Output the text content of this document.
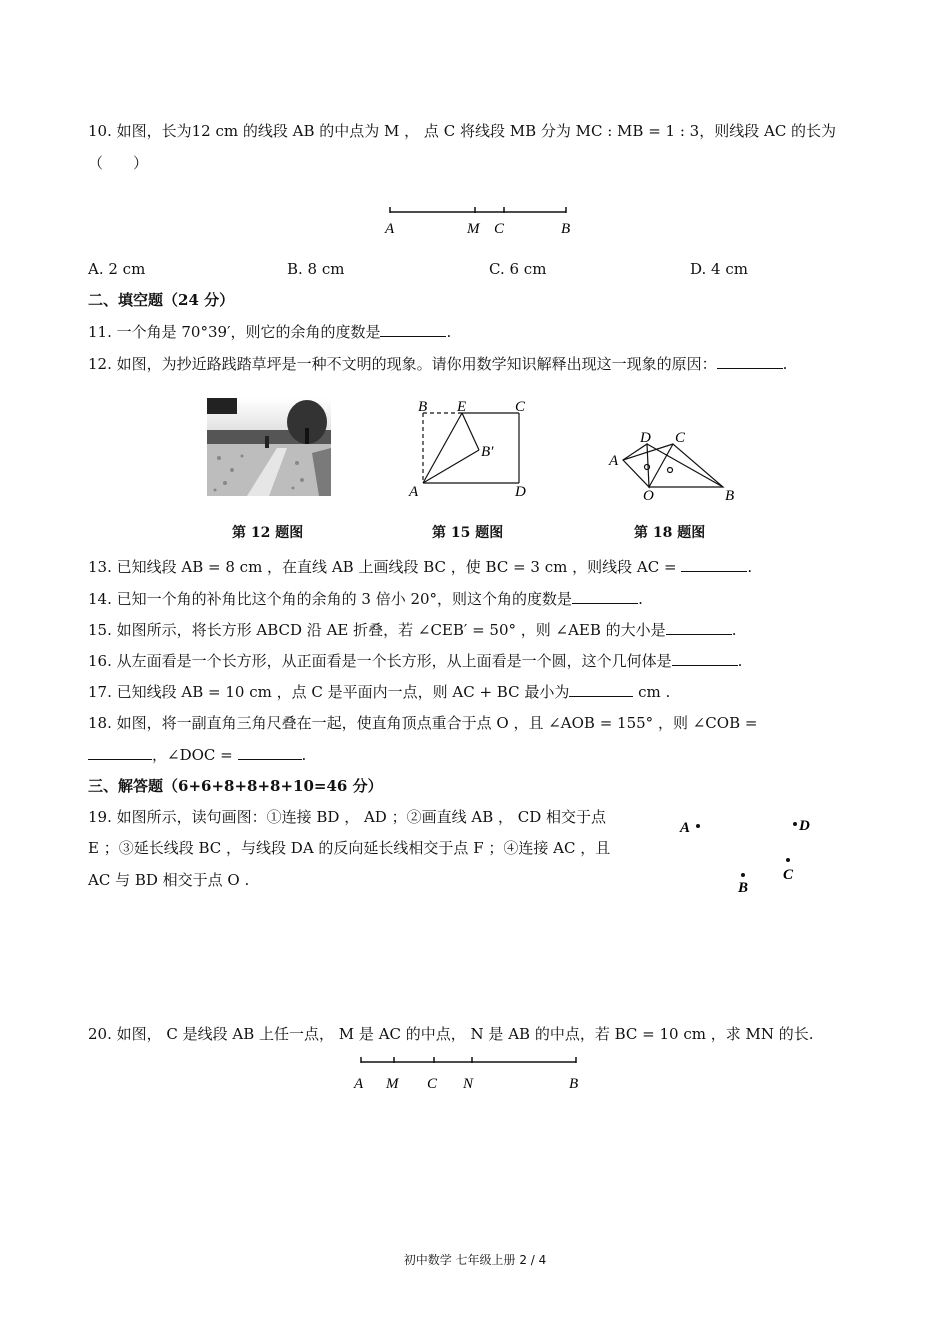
10. 如图，长为12 cm 的线段 AB 的中点为 M ， 点 C 将线段 MB 分为 MC : MB = 1 : 3，则线段 AC 的长为
（　　）
A	M C	B
A. 2 cm	B. 8 cm	C. 6 cm	D. 4 cm
二、填空题（24 分）
11. 一个角是 70°39′，则它的余角的度数是	.
12. 如图，为抄近路践踏草坪是一种不文明的现象。请你用数学知识解释出现这一现象的原因：	.
B E	C
B′
A	D
D C
A
O	B
第 12 题图	第 15 题图	第 18 题图
13. 已知线段 AB = 8 cm ，在直线 AB 上画线段 BC ，使 BC = 3 cm ，则线段 AC =	.
14. 已知一个角的补角比这个角的余角的 3 倍小 20°，则这个角的度数是	.
15. 如图所示，将长方形 ABCD 沿 AE 折叠，若 ∠CEB′ = 50° ，则 ∠AEB 的大小是	.
16. 从左面看是一个长方形，从正面看是一个长方形，从上面看是一个圆，这个几何体是	.
17. 已知线段 AB = 10 cm ，点 C 是平面内一点，则 AC + BC 最小为	cm .
18. 如图，将一副直角三角尺叠在一起，使直角顶点重合于点 O ，且 ∠AOB = 155° ，则 ∠COB =
，∠DOC =	.
三、解答题（6+6+8+8+8+10=46 分）
19. 如图所示，读句画图：①连接 BD ， AD ；②画直线 AB ， CD 相交于点
E ；③延长线段 BC ，与线段 DA 的反向延长线相交于点 F ；④连接 AC ，且
AC 与 BD 相交于点 O .
A	D
B
C
20. 如图， C 是线段 AB 上任一点， M 是 AC 的中点， N 是 AB 的中点，若 BC = 10 cm ，求 MN 的长.
A M C N	B
初中数学 七年级上册 2 / 4
